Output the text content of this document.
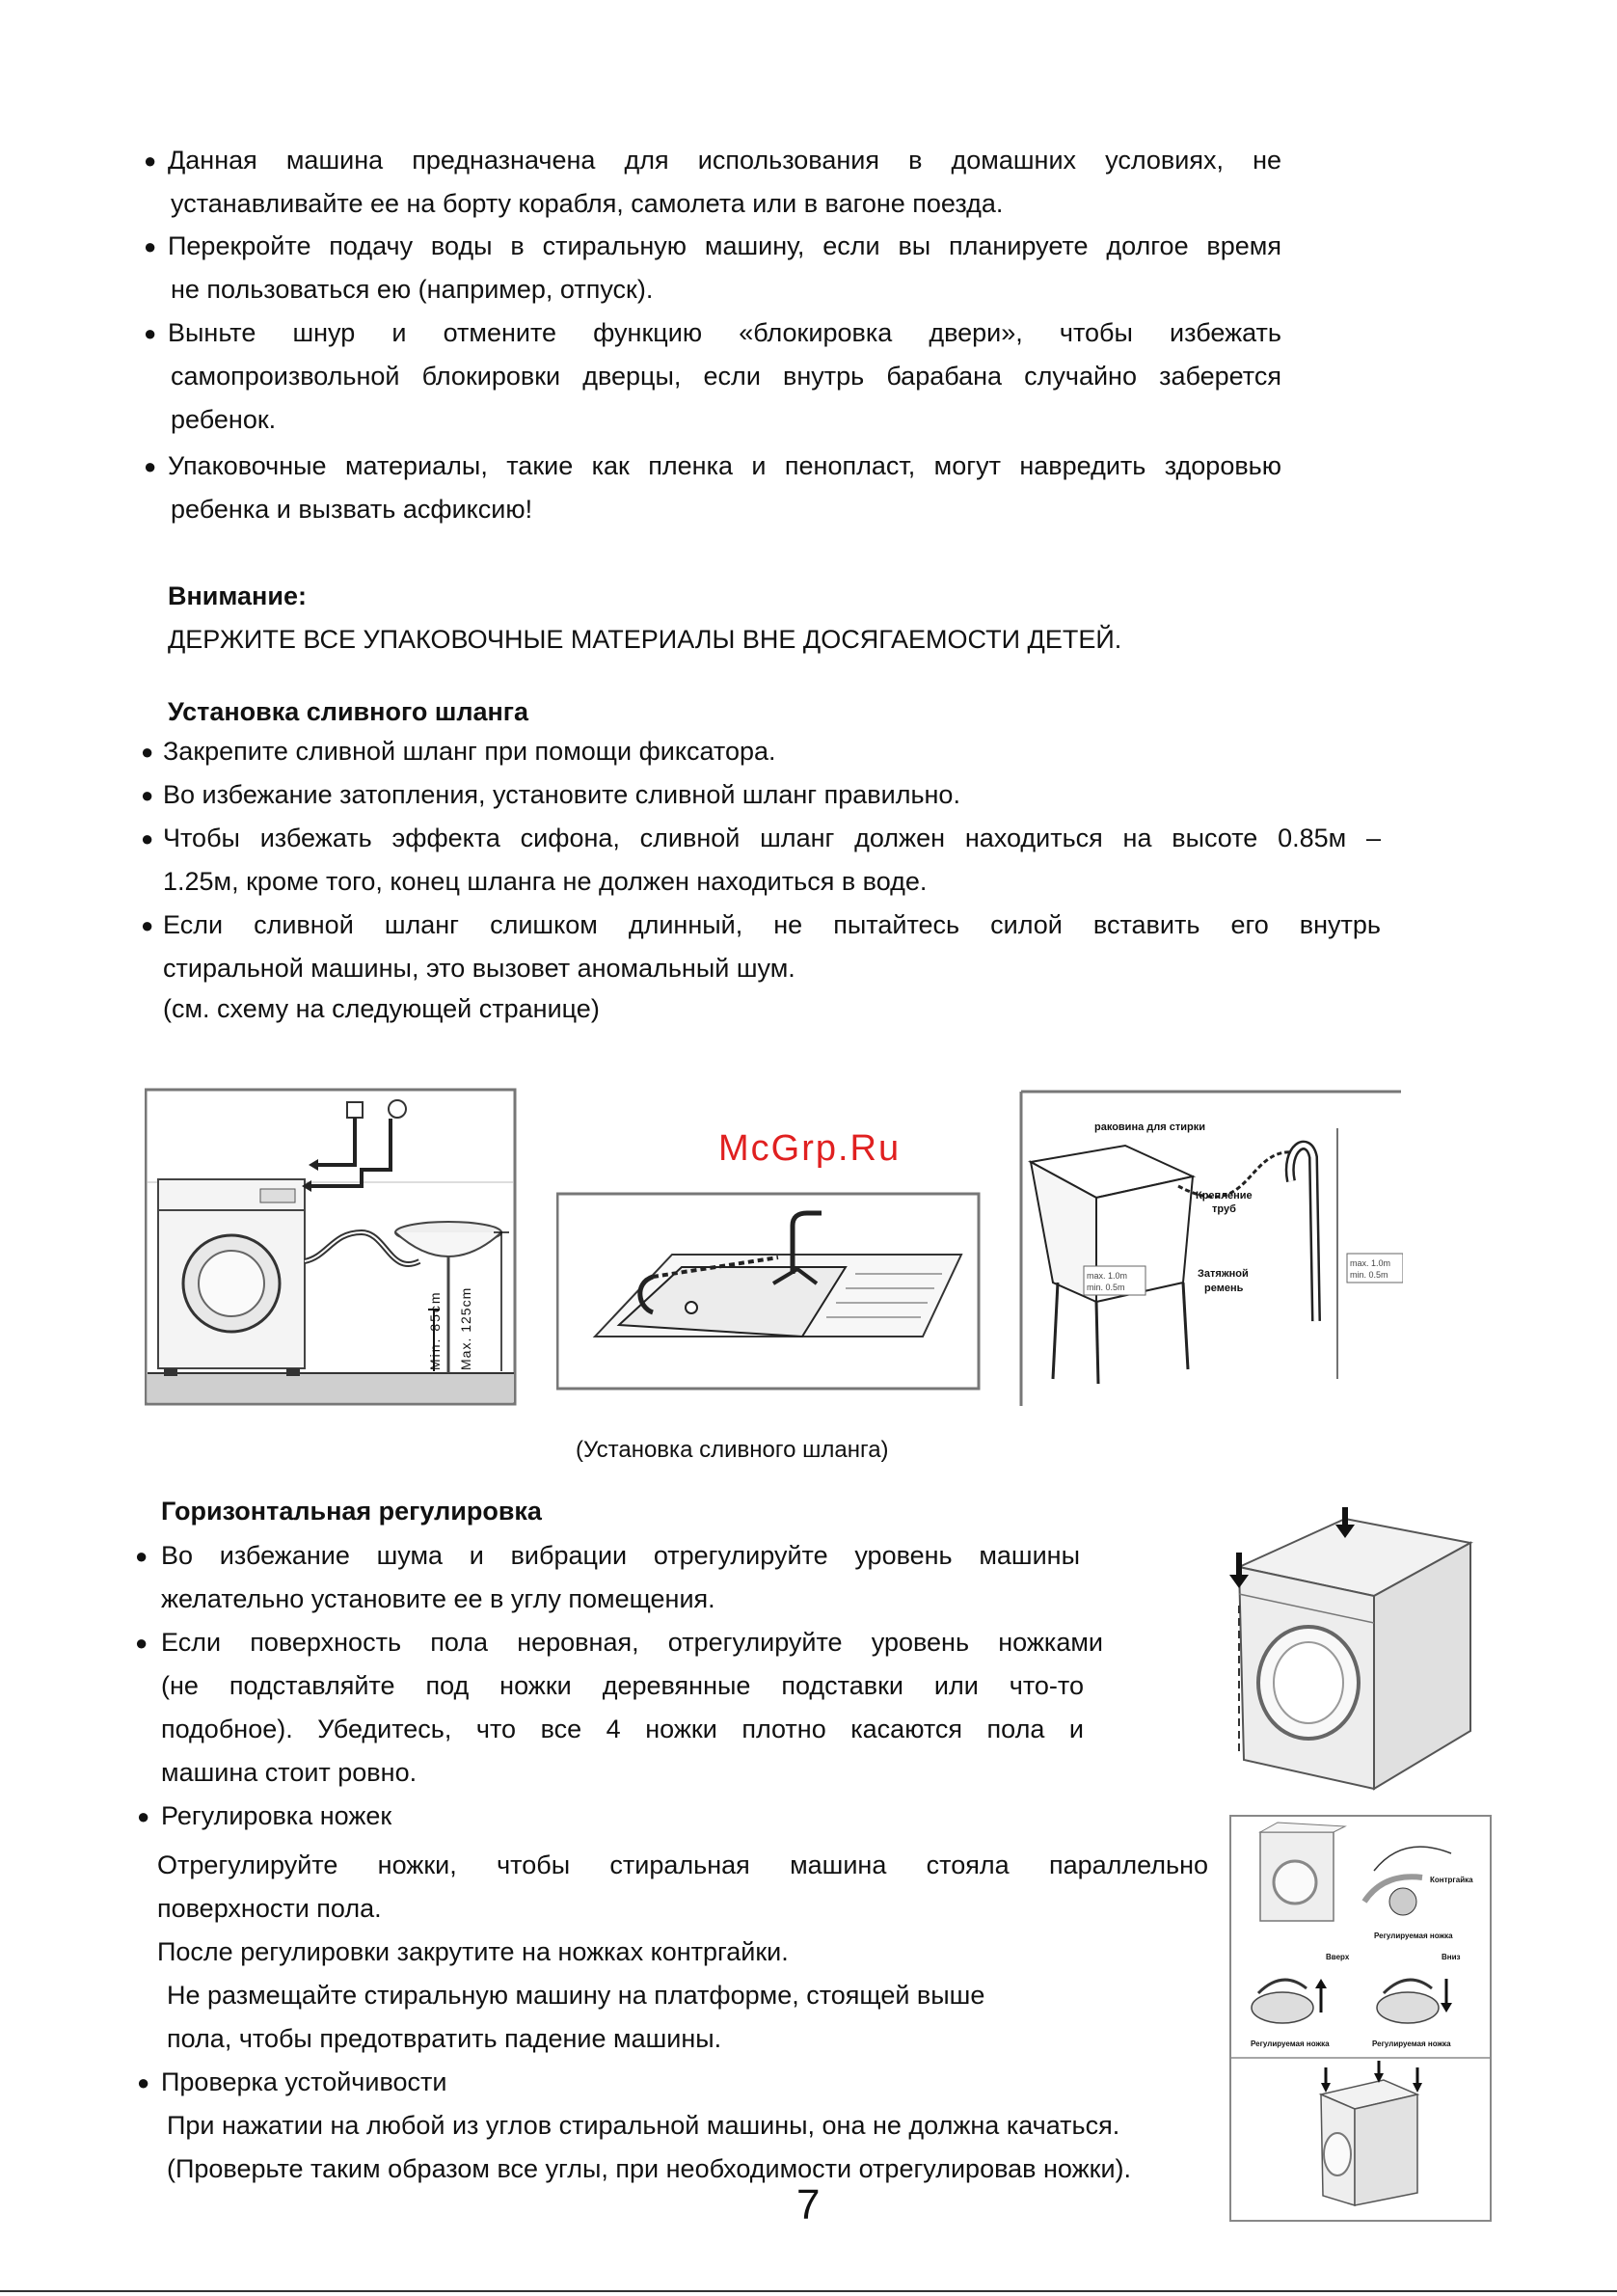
● Данная машина предназначена для использования в домашних условиях, не
устанавливайте ее на борту корабля, самолета или в вагоне поезда.
● Перекройте подачу воды в стиральную машину, если вы планируете долгое время
не пользоваться ею (например, отпуск).
● Выньте шнур и отмените функцию «блокировка двери», чтобы избежать
самопроизвольной блокировки дверцы, если внутрь барабана случайно заберется
ребенок.
● Упаковочные материалы, такие как пленка и пенопласт, могут навредить здоровью
ребенка и вызвать асфиксию!
Внимание:
ДЕРЖИТЕ ВСЕ УПАКОВОЧНЫЕ МАТЕРИАЛЫ ВНЕ ДОСЯГАЕМОСТИ ДЕТЕЙ.
Установка сливного шланга
● Закрепите сливной шланг при помощи фиксатора.
● Во избежание затопления, установите сливной шланг правильно.
● Чтобы избежать эффекта сифона, сливной шланг должен находиться на высоте 0.85м –
1.25м, кроме того, конец шланга не должен находиться в воде.
● Если сливной шланг слишком длинный, не пытайтесь силой вставить его внутрь
стиральной машины, это вызовет аномальный шум.
(см. схему на следующей странице)
Min. 85cm Max. 125cm
McGrp.Ru
раковина для стирки
max. 1.0m
min. 0.5m
max. 1.0m
min. 0.5m
Крепление
труб
Затяжной
ремень
(Установка сливного шланга)
Горизонтальная регулировка
● Во избежание шума и вибрации отрегулируйте уровень машины
желательно установите ее в углу помещения.
● Если поверхность пола неровная, отрегулируйте уровень ножками
(не подставляйте под ножки деревянные подставки или что-то
подобное). Убедитесь, что все 4 ножки плотно касаются пола и
машина стоит ровно.
● Регулировка ножек
Отрегулируйте ножки, чтобы стиральная машина стояла параллельно
поверхности пола.
После регулировки закрутите на ножках контргайки.
Не размещайте стиральную машину на платформе, стоящей выше
пола, чтобы предотвратить падение машины.
● Проверка устойчивости
При нажатии на любой из углов стиральной машины, она не должна качаться.
(Проверьте таким образом все углы, при необходимости отрегулировав ножки).
Контргайка
Регулируемая ножка
Вверх	Вниз
Регулируемая ножка	Регулируемая ножка
7
